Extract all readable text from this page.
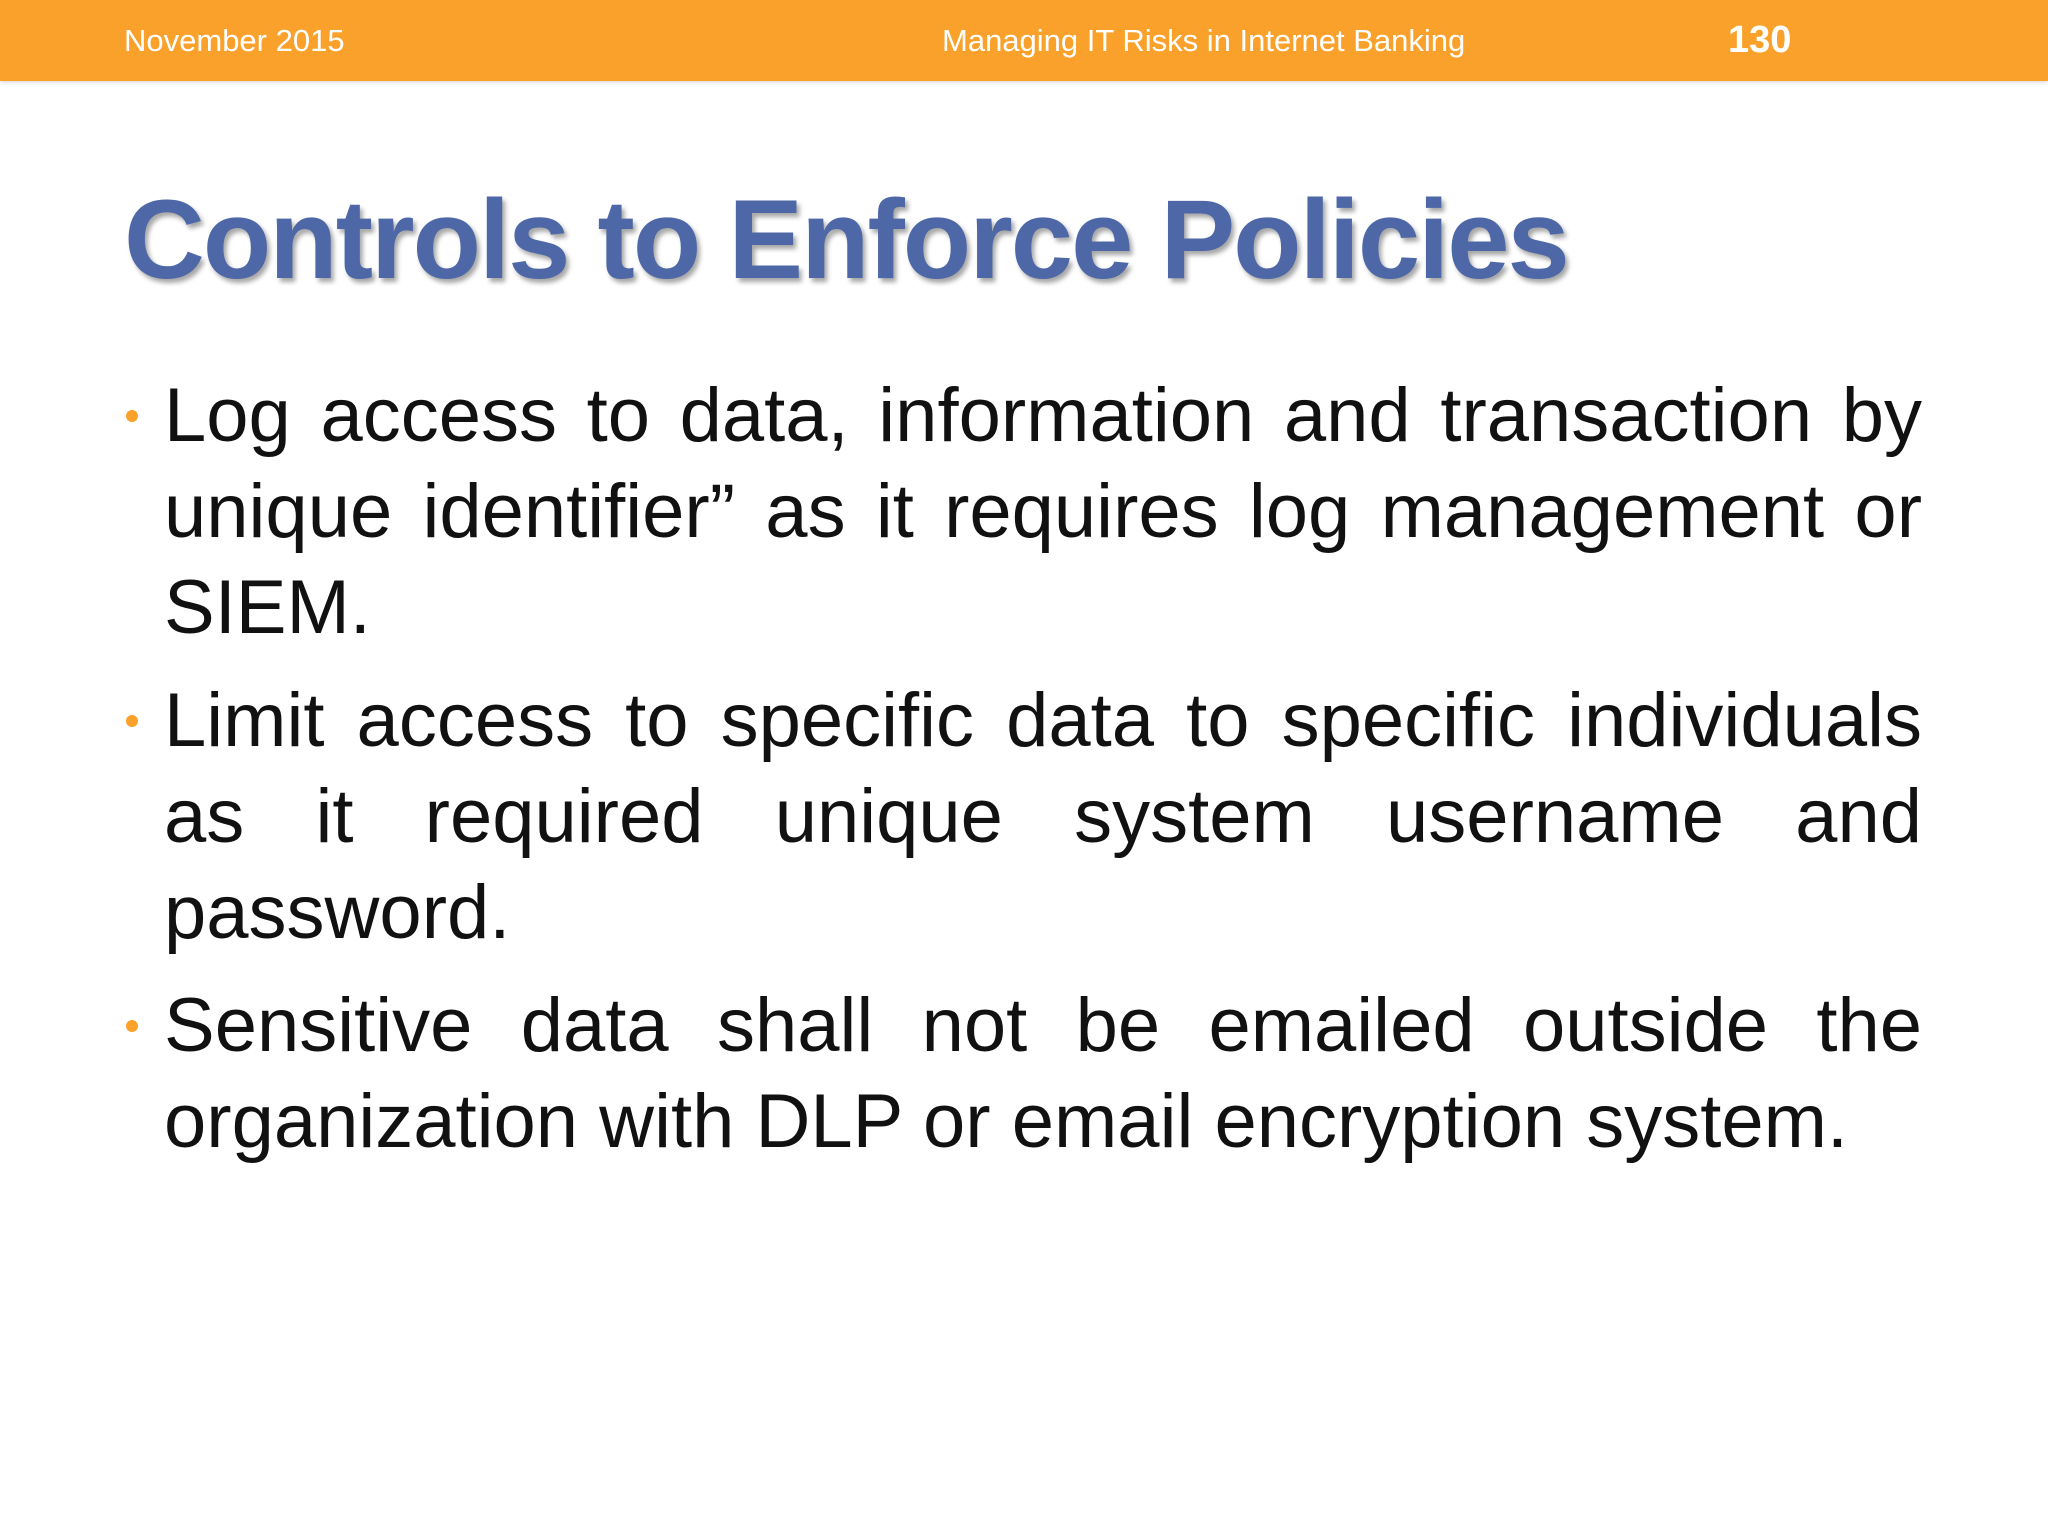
November 2015	Managing IT Risks in Internet Banking	130
Controls to Enforce Policies
Log access to data, information and transaction by unique identifier” as it requires log management or SIEM.
Limit access to specific data to specific individuals as it required unique system username and password.
Sensitive data shall not be emailed outside the organization with DLP or email encryption system.
